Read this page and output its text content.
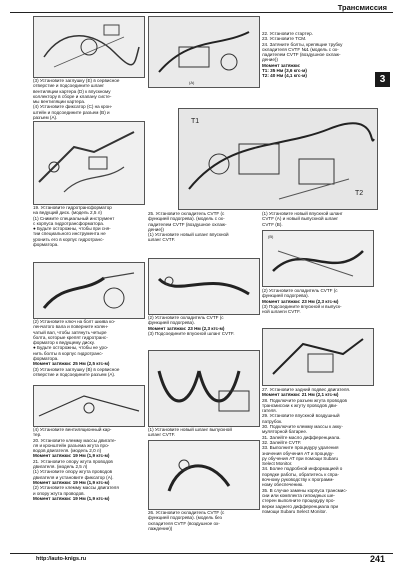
Трансмиссия
3

(3) Установите заглушку (Е) в сервисное
отверстие и подсоедините шланг
вентиляции картера (D) к впускному
коллектору в сборе и клапану систе-
мы вентиляции картера.
(4) Установите фиксатор (С) на крон-
штейн и подсоедините разъем (В) и
разъем (А).

19. Установите гидротрансформатор
на ведущий диск. (модель 2,5 л)
(1) Снимите специальный инструмент
с корпуса гидротрансформатора.
● Будьте осторожны, чтобы при сня-
тии специального инструмента не
уронить его в корпус гидротранс-
форматора.

(2) Установите ключ на болт шкива ко-
ленчатого вала и поверните колен-
чатый вал, чтобы затянуть четыре
болта, которые крепят гидротранс-
форматор к ведущему диску.
● Будьте осторожны, чтобы не уро-
нить болты в корпус гидротранс-
форматора.

Момент затяжки: 25 Нм (2,5 кгс-м)

(3) Установите заглушку (В) в сервисное
отверстие и подсоедините разъем (А).

(4) Установите вентиляционный кар-
тер.
20. Установите клемму массы двигате-
ля и кронштейн разъема жгута про-
водов двигателя. (модель 2,0 л)

Момент затяжки: 19 Нм (1,9 кгс-м)

21. Установите опору жгута проводов
двигателя. (модель 2,5 л)
(1) Установите опору жгута проводов
двигателя и установите фиксатор (А).

Момент затяжки: 19 Нм (1,9 кгс-м)

(2) Установите клемму массы двигателя
и опору жгута проводов.

Момент затяжки: 19 Нм (1,9 кгс-м)

(А)

22. Установите стартер.
23. Установите TCM.
24. Затяните болты, крепящие трубку
охладителя CVTF №1 (модель с ох-
ладителем CVTF (воздушное охлаж-
дение))

Момент затяжки:

T1: 35 Нм (3,6 кгс-м)

T2: 40 Нм (4,1 кгс-м)

T1
T2

25. Установите охладитель CVTF (с
функцией подогрева). (модель с ох-
ладителем CVTF (воздушное охлаж-
дение))
(1) Установите новый шланг впускной
шланг CVTF.

(2) Установите охладитель CVTF (с
функцией подогрева).

Момент затяжки: 23 Нм (2,3 кгс-м)

(3) Подсоедините впускной шланг CVTF.

(1) Установите новый шланг выпускной
шланг CVTF.

26. Установите охладитель CVTF (с
функцией подогрева). (модель без
охладителя CVTF (воздушное ох-
лаждение))

(1) Установите новый впускной шланг
CVTF (А) и новый выпускной шланг
CVTF (В).

(В)

(2) Установите охладитель CVTF (с
функцией подогрева).

Момент затяжки: 23 Нм (2,3 кгс-м)

(3) Подсоедините впускной и выпуск-
ной шланги CVTF.

27. Установите задний подвес двигателя.

Момент затяжки: 21 Нм (2,1 кгс-м)

28. Подключите разъем жгута проводов
трансмиссии к жгуту проводов дви-
гателя.
29. Установите впускной воздушный
патрубок.
30. Подключите клемму массы к акку-
муляторной батарее.
31. Залейте масло дифференциала.
32. Залейте CVTF.
33. Выполните процедуру удаления
значения обучения AT и процеду-
ру обучения AT при помощи Subaru
Select Monitor.
34. Более подробной информацией о
порядке работы, обратитесь к спра-
вочному руководству к программ-
ному обеспечению.
35. В случае замены корпуса трансмис-
сии или комплекта гипоидных ше-
стерен выполните процедуру про-
верки заднего дифференциала при
помощи Subaru Select Monitor.

http://auto-knigs.ru	241
